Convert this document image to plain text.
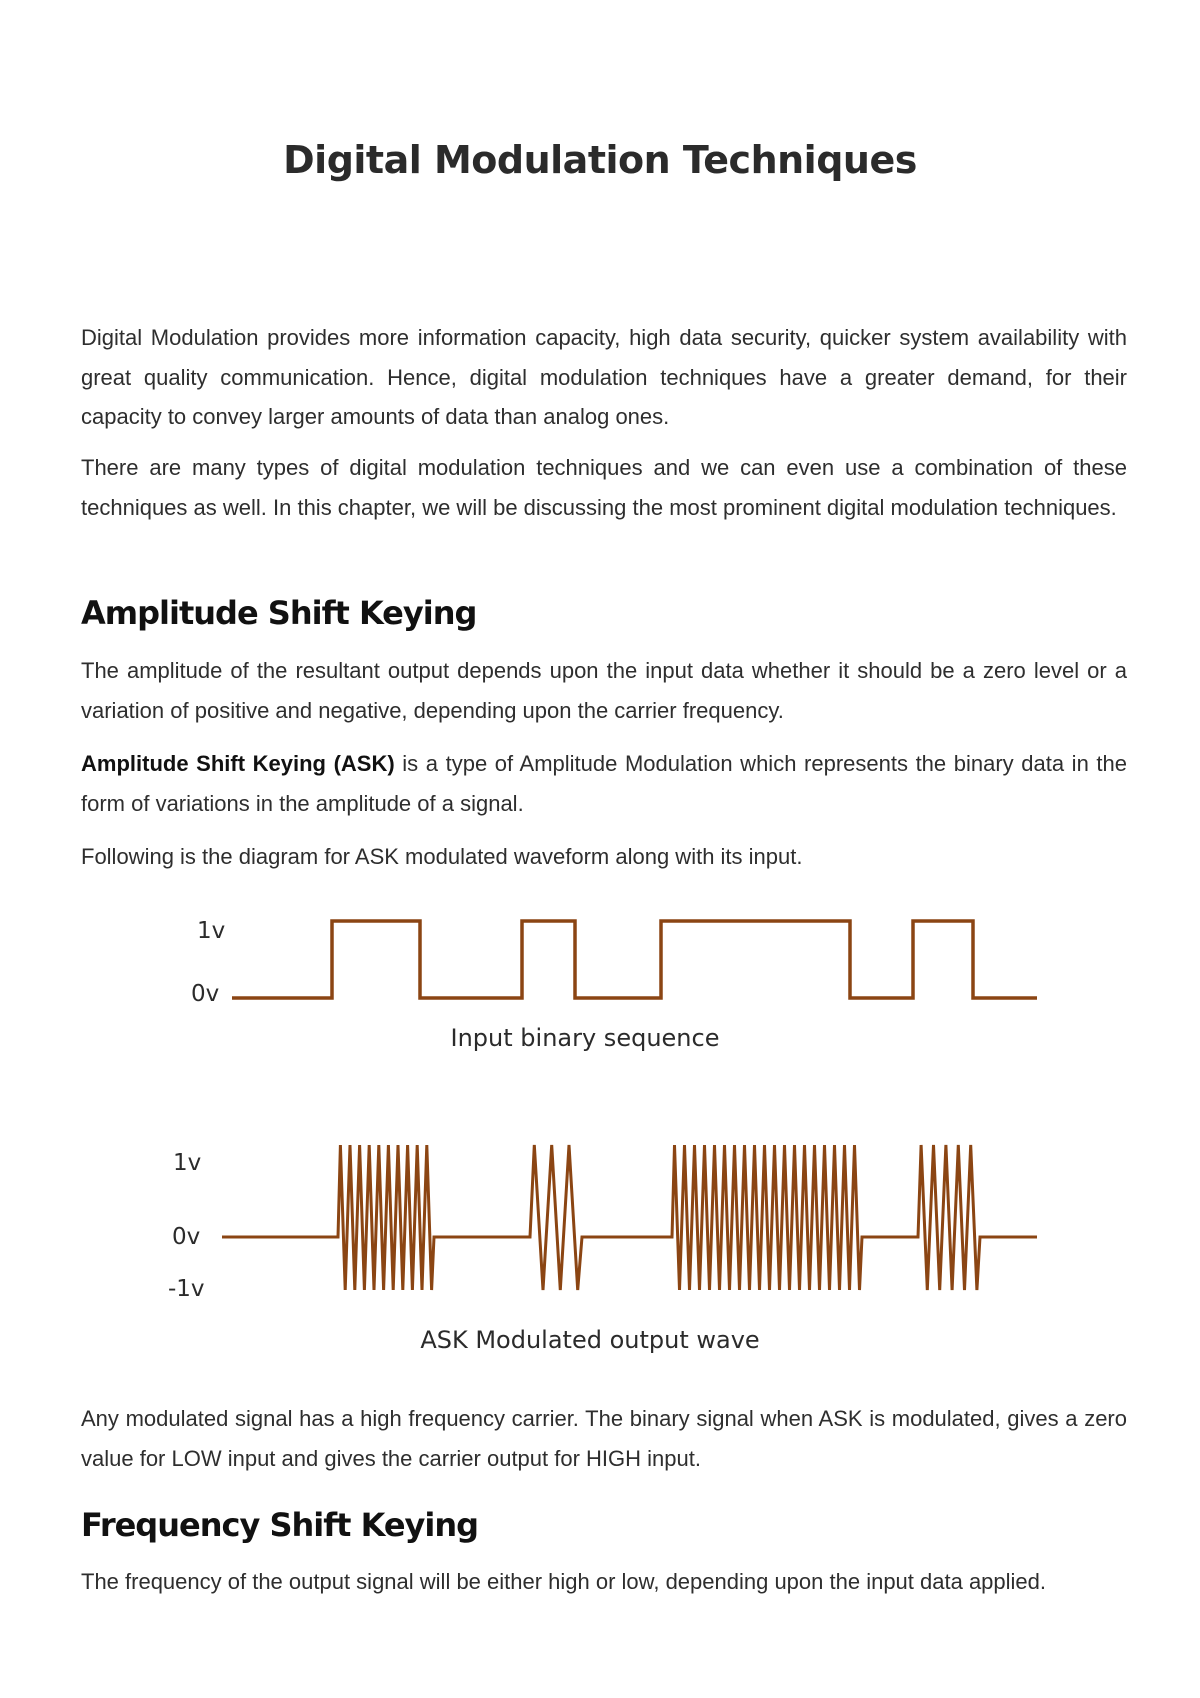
Digital Modulation Techniques

Digital Modulation provides more information capacity, high data security, quicker system availability with great quality communication. Hence, digital modulation techniques have a greater demand, for their capacity to convey larger amounts of data than analog ones.

There are many types of digital modulation techniques and we can even use a combination of these techniques as well. In this chapter, we will be discussing the most prominent digital modulation techniques.

Amplitude Shift Keying

The amplitude of the resultant output depends upon the input data whether it should be a zero level or a variation of positive and negative, depending upon the carrier frequency.

Amplitude Shift Keying (ASK) is a type of Amplitude Modulation which represents the binary data in the form of variations in the amplitude of a signal.

Following is the diagram for ASK modulated waveform along with its input.

1v
0v
Input binary sequence
1v
0v
-1v
ASK Modulated output wave

Any modulated signal has a high frequency carrier. The binary signal when ASK is modulated, gives a zero value for LOW input and gives the carrier output for HIGH input.

Frequency Shift Keying

The frequency of the output signal will be either high or low, depending upon the input data applied.
